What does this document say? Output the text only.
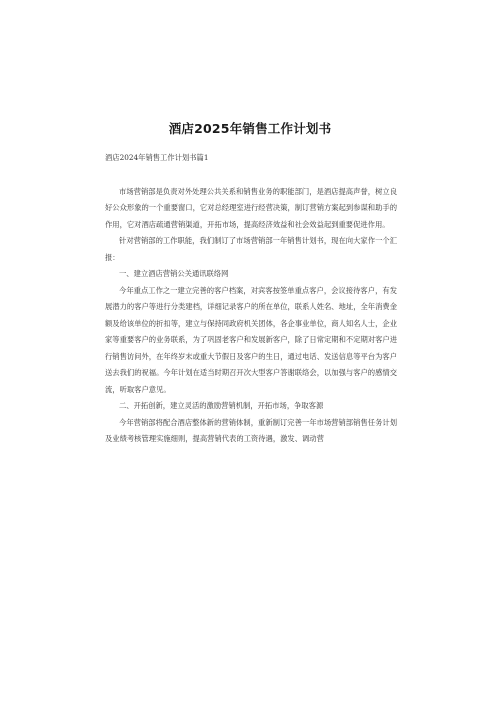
酒店2025年销售工作计划书

酒店2024年销售工作计划书篇1

市场营销部是负责对外处理公共关系和销售业务的职能部门，是酒店提高声誉，树立良好公众形象的一个重要窗口，它对总经理室进行经营决策，制订营销方案起到参谋和助手的作用，它对酒店疏通营销渠道，开拓市场，提高经济效益和社会效益起到重要促进作用。

针对营销部的工作职能，我们制订了市场营销部一年销售计划书，现在向大家作一个汇报：

一、建立酒店营销公关通讯联络网

今年重点工作之一建立完善的客户档案，对宾客按签单重点客户，会议接待客户，有发展潜力的客户等进行分类建档，详细记录客户的所在单位，联系人姓名、地址，全年消费金额及给该单位的折扣等，建立与保持同政府机关团体，各企事业单位，商人知名人士，企业家等重要客户的业务联系，为了巩固老客户和发展新客户，除了日常定期和不定期对客户进行销售访问外，在年终岁末或重大节假日及客户的生日，通过电话、发送信息等平台为客户送去我们的祝福。今年计划在适当时期召开次大型客户答谢联络会，以加强与客户的感情交流，听取客户意见。

二、开拓创新，建立灵活的激励营销机制，开拓市场，争取客源

今年营销部将配合酒店整体新的营销体制，重新制订完善一年市场营销部销售任务计划及业绩考核管理实施细则，提高营销代表的工资待遇，激发、调动营
